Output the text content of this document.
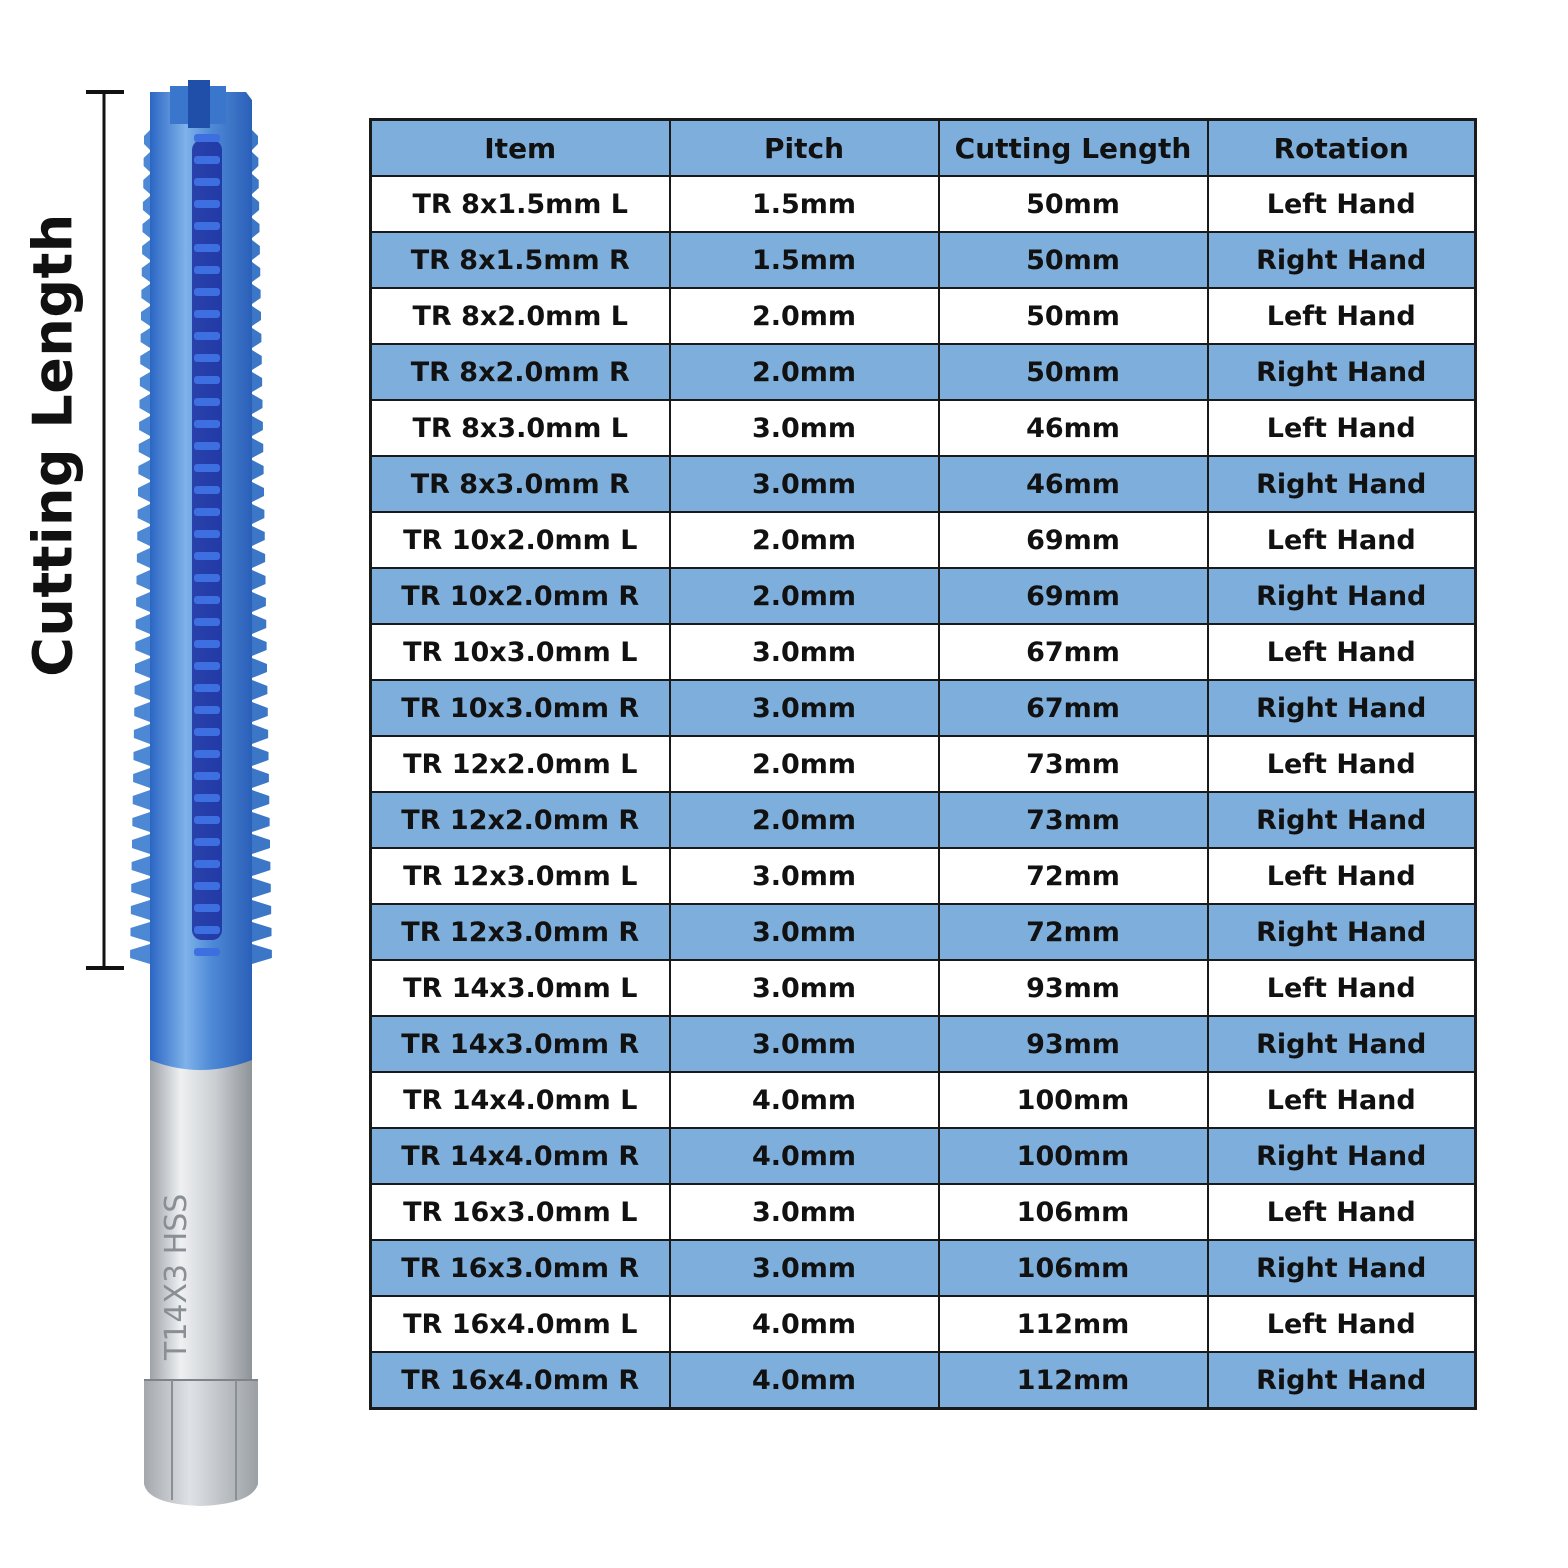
T14X3 HSS
Cutting Length
Item	Pitch	Cutting Length	Rotation
TR 8x1.5mm L	1.5mm	50mm	Left Hand
TR 8x1.5mm R	1.5mm	50mm	Right Hand
TR 8x2.0mm L	2.0mm	50mm	Left Hand
TR 8x2.0mm R	2.0mm	50mm	Right Hand
TR 8x3.0mm L	3.0mm	46mm	Left Hand
TR 8x3.0mm R	3.0mm	46mm	Right Hand
TR 10x2.0mm L	2.0mm	69mm	Left Hand
TR 10x2.0mm R	2.0mm	69mm	Right Hand
TR 10x3.0mm L	3.0mm	67mm	Left Hand
TR 10x3.0mm R	3.0mm	67mm	Right Hand
TR 12x2.0mm L	2.0mm	73mm	Left Hand
TR 12x2.0mm R	2.0mm	73mm	Right Hand
TR 12x3.0mm L	3.0mm	72mm	Left Hand
TR 12x3.0mm R	3.0mm	72mm	Right Hand
TR 14x3.0mm L	3.0mm	93mm	Left Hand
TR 14x3.0mm R	3.0mm	93mm	Right Hand
TR 14x4.0mm L	4.0mm	100mm	Left Hand
TR 14x4.0mm R	4.0mm	100mm	Right Hand
TR 16x3.0mm L	3.0mm	106mm	Left Hand
TR 16x3.0mm R	3.0mm	106mm	Right Hand
TR 16x4.0mm L	4.0mm	112mm	Left Hand
TR 16x4.0mm R	4.0mm	112mm	Right Hand
